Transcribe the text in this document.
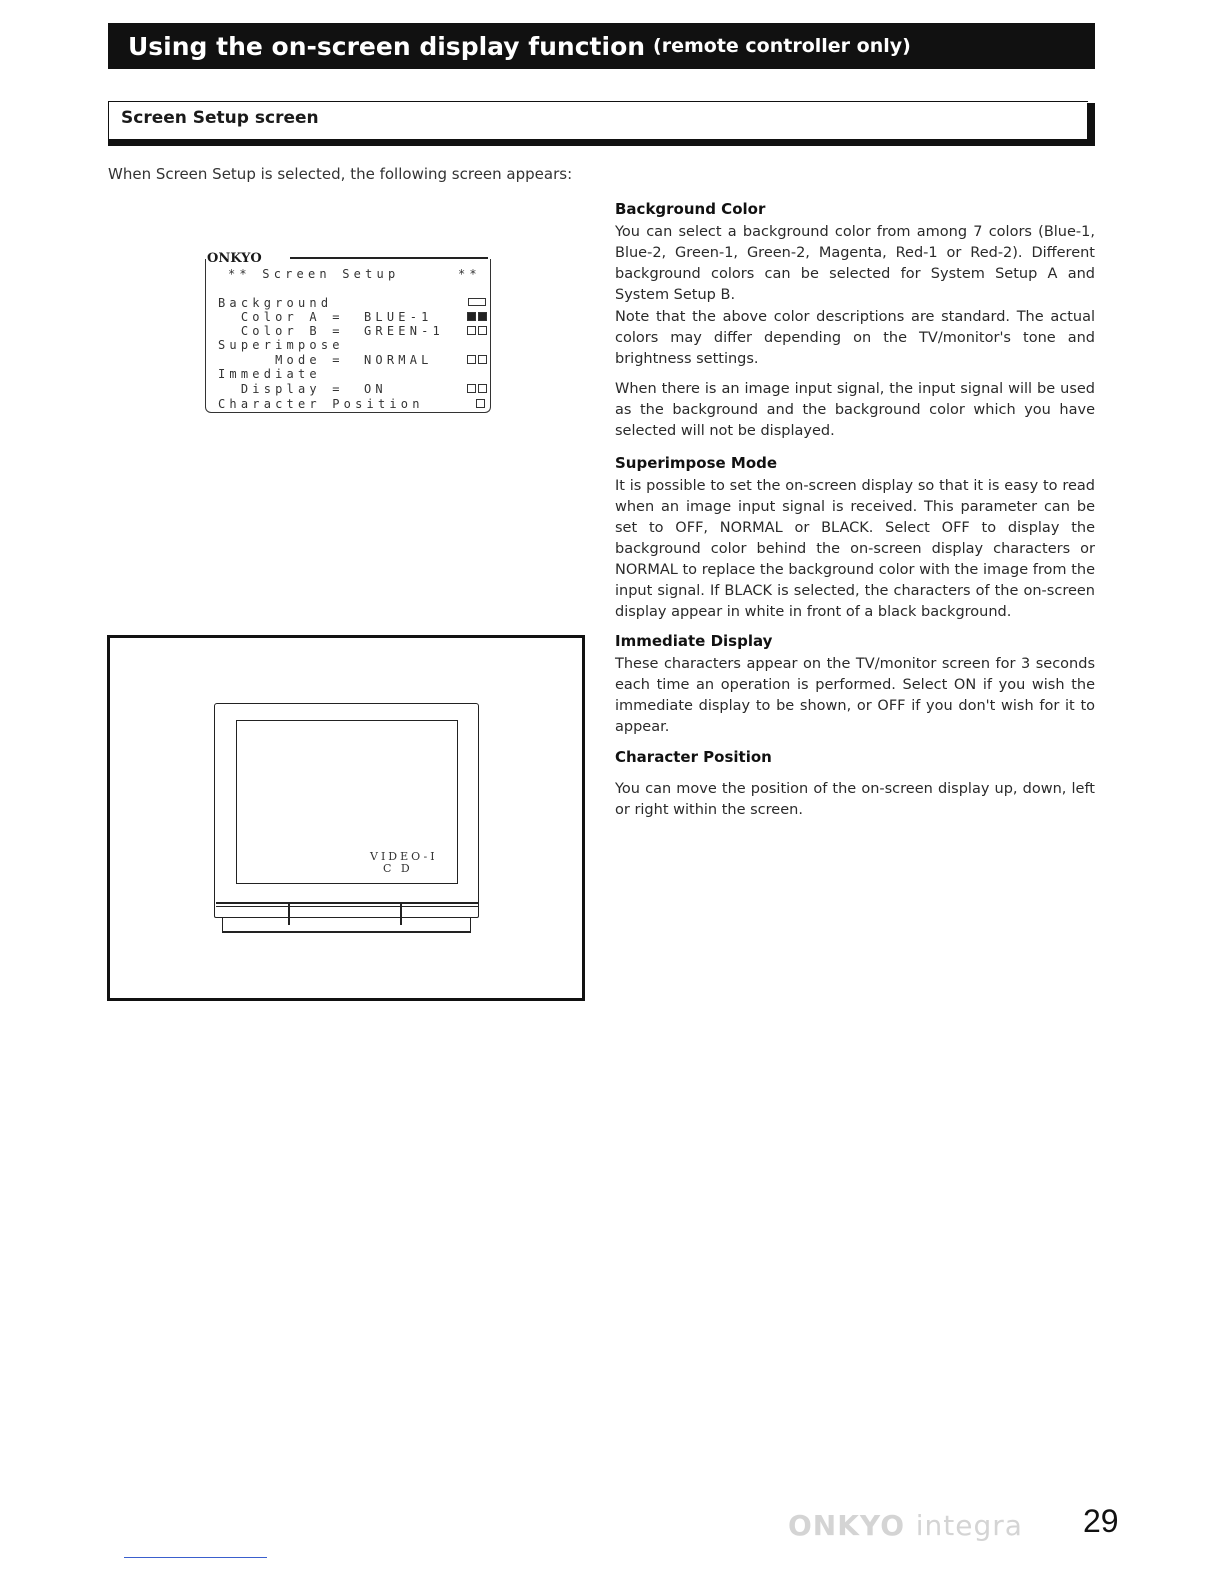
Using the on-screen display function (remote controller only)
Screen Setup screen
When Screen Setup is selected, the following screen appears:
ONKYO
** Screen Setup	**
Background
Color A = BLUE-1
Color B = GREEN-1
Superimpose
Mode = NORMAL
Immediate
Display = ON
Character Position
VIDEO-I
C D
Background Color

You can select a background color from among 7 colors (Blue-1, Blue-2, Green-1, Green-2, Magenta, Red-1 or Red-2). Different background colors can be selected for System Setup A and System Setup B.

Note that the above color descriptions are standard. The actual colors may differ depending on the TV/monitor's tone and brightness settings.

When there is an image input signal, the input signal will be used as the background and the background color which you have selected will not be displayed.

Superimpose Mode

It is possible to set the on-screen display so that it is easy to read when an image input signal is received. This parameter can be set to OFF, NORMAL or BLACK. Select OFF to display the background color behind the on-screen display characters or NORMAL to replace the background color with the image from the input signal. If BLACK is selected, the characters of the on-screen display appear in white in front of a black background.

Immediate Display

These characters appear on the TV/monitor screen for 3 seconds each time an operation is performed. Select ON if you wish the immediate display to be shown, or OFF if you don't wish for it to appear.

Character Position

You can move the position of the on-screen display up, down, left or right within the screen.

ONKYO integra 29
